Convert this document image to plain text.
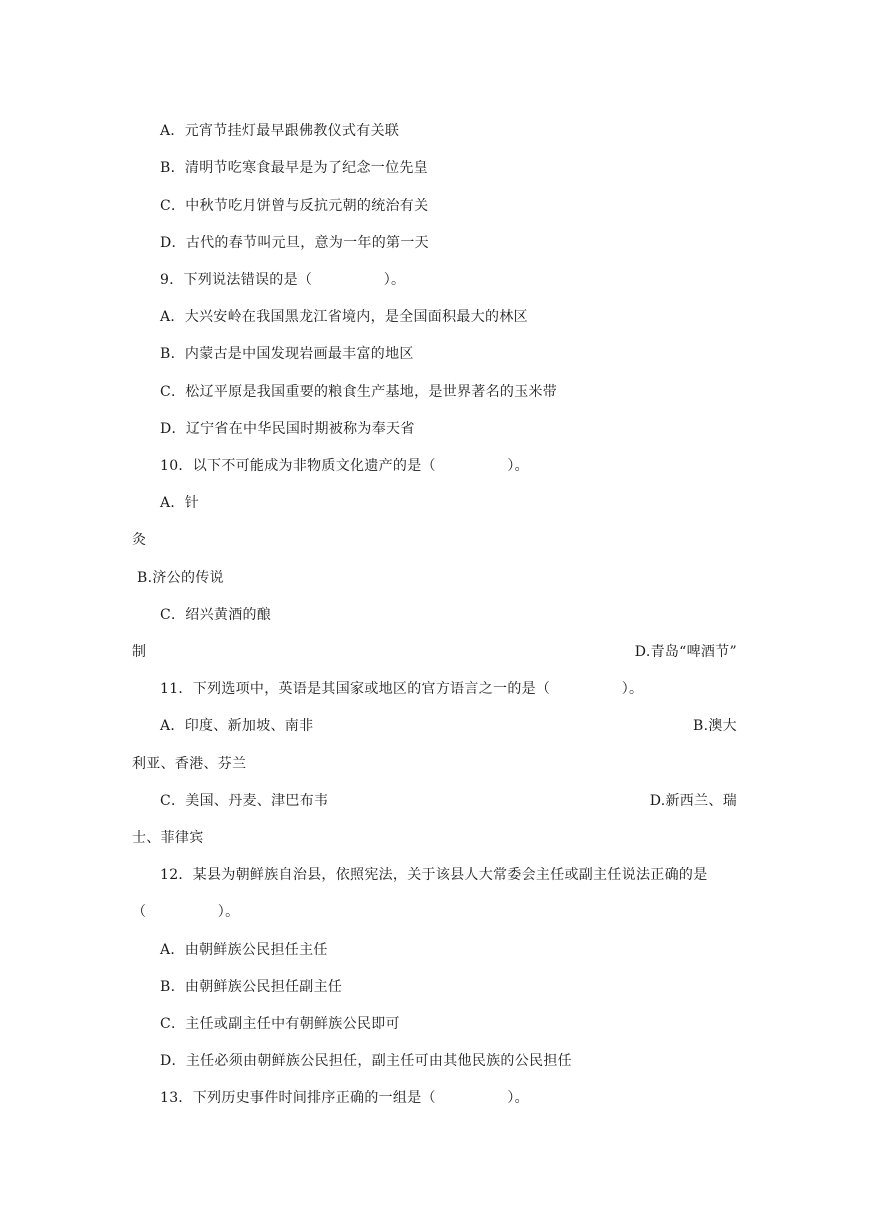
A．元宵节挂灯最早跟佛教仪式有关联
B．清明节吃寒食最早是为了纪念一位先皇
C．中秋节吃月饼曾与反抗元朝的统治有关
D．古代的春节叫元旦，意为一年的第一天
9．下列说法错误的是（　　　　　）。
A．大兴安岭在我国黑龙江省境内，是全国面积最大的林区
B．内蒙古是中国发现岩画最丰富的地区
C．松辽平原是我国重要的粮食生产基地，是世界著名的玉米带
D．辽宁省在中华民国时期被称为奉天省
10．以下不可能成为非物质文化遗产的是（　　　　　）。
A．针
灸
B.济公的传说
C．绍兴黄酒的酿
制	D.青岛“啤酒节”
11．下列选项中，英语是其国家或地区的官方语言之一的是（　　　　　）。
A．印度、新加坡、南非	B.澳大
利亚、香港、芬兰
C．美国、丹麦、津巴布韦	D.新西兰、瑞
士、菲律宾
12．某县为朝鲜族自治县，依照宪法，关于该县人大常委会主任或副主任说法正确的是
（　　　　　）。
A．由朝鲜族公民担任主任
B．由朝鲜族公民担任副主任
C．主任或副主任中有朝鲜族公民即可
D．主任必须由朝鲜族公民担任，副主任可由其他民族的公民担任
13．下列历史事件时间排序正确的一组是（　　　　　）。
